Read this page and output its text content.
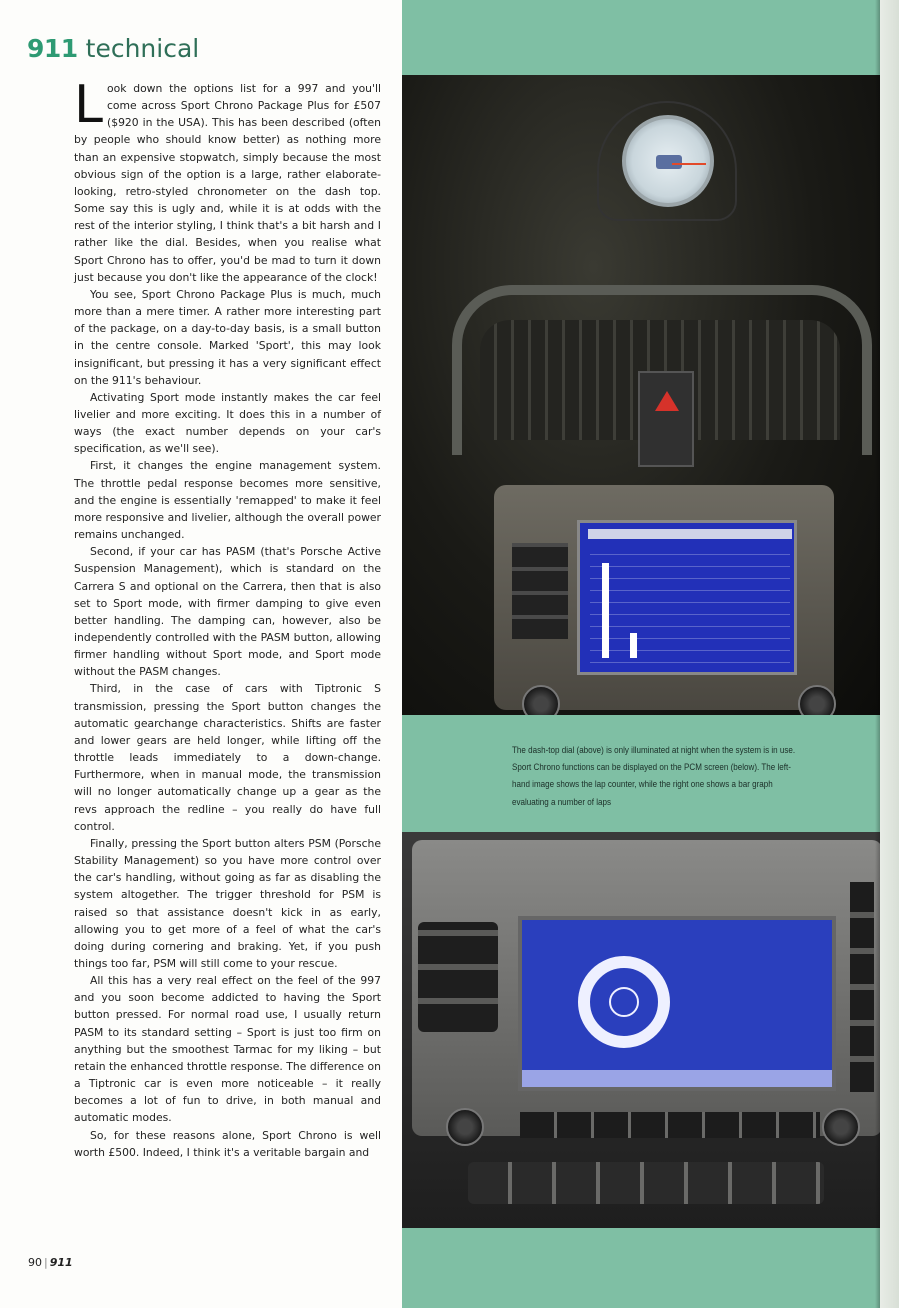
911 technical

Look down the options list for a 997 and you'll come across Sport Chrono Package Plus for £507 ($920 in the USA). This has been described (often by people who should know better) as nothing more than an expensive stopwatch, simply because the most obvious sign of the option is a large, rather elaborate-looking, retro-styled chronometer on the dash top. Some say this is ugly and, while it is at odds with the rest of the interior styling, I think that's a bit harsh and I rather like the dial. Besides, when you realise what Sport Chrono has to offer, you'd be mad to turn it down just because you don't like the appearance of the clock!

You see, Sport Chrono Package Plus is much, much more than a mere timer. A rather more interesting part of the package, on a day-to-day basis, is a small button in the centre console. Marked 'Sport', this may look insignificant, but pressing it has a very significant effect on the 911's behaviour.

Activating Sport mode instantly makes the car feel livelier and more exciting. It does this in a number of ways (the exact number depends on your car's specification, as we'll see).

First, it changes the engine management system. The throttle pedal response becomes more sensitive, and the engine is essentially 'remapped' to make it feel more responsive and livelier, although the overall power remains unchanged.

Second, if your car has PASM (that's Porsche Active Suspension Management), which is standard on the Carrera S and optional on the Carrera, then that is also set to Sport mode, with firmer damping to give even better handling. The damping can, however, also be independently controlled with the PASM button, allowing firmer handling without Sport mode, and Sport mode without the PASM changes.

Third, in the case of cars with Tiptronic S transmission, pressing the Sport button changes the automatic gearchange characteristics. Shifts are faster and lower gears are held longer, while lifting off the throttle leads immediately to a down-change. Furthermore, when in manual mode, the transmission will no longer automatically change up a gear as the revs approach the redline – you really do have full control.

Finally, pressing the Sport button alters PSM (Porsche Stability Management) so you have more control over the car's handling, without going as far as disabling the system altogether. The trigger threshold for PSM is raised so that assistance doesn't kick in as early, allowing you to get more of a feel of what the car's doing during cornering and braking. Yet, if you push things too far, PSM will still come to your rescue.

All this has a very real effect on the feel of the 997 and you soon become addicted to having the Sport button pressed. For normal road use, I usually return PASM to its standard setting – Sport is just too firm on anything but the smoothest Tarmac for my liking – but retain the enhanced throttle response. The difference on a Tiptronic car is even more noticeable – it really becomes a lot of fun to drive, in both manual and automatic modes.

So, for these reasons alone, Sport Chrono is well worth £500. Indeed, I think it's a veritable bargain and

90 | 911
The dash-top dial (above) is only illuminated at night when the system is in use. Sport Chrono functions can be displayed on the PCM screen (below). The left-hand image shows the lap counter, while the right one shows a bar graph evaluating a number of laps
